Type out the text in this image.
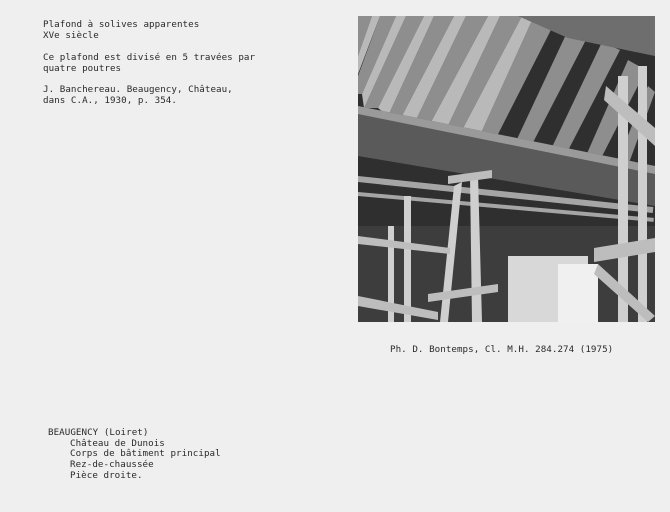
Plafond à solives apparentes
XVe siècle
Ce plafond est divisé en 5 travées par
quatre poutres
J. Banchereau. Beaugency, Château,
dans C.A., 1930, p. 354.
Ph. D. Bontemps, Cl. M.H. 284.274 (1975)
BEAUGENCY (Loiret)
Château de Dunois
Corps de bâtiment principal
Rez-de-chaussée
Pièce droite.
